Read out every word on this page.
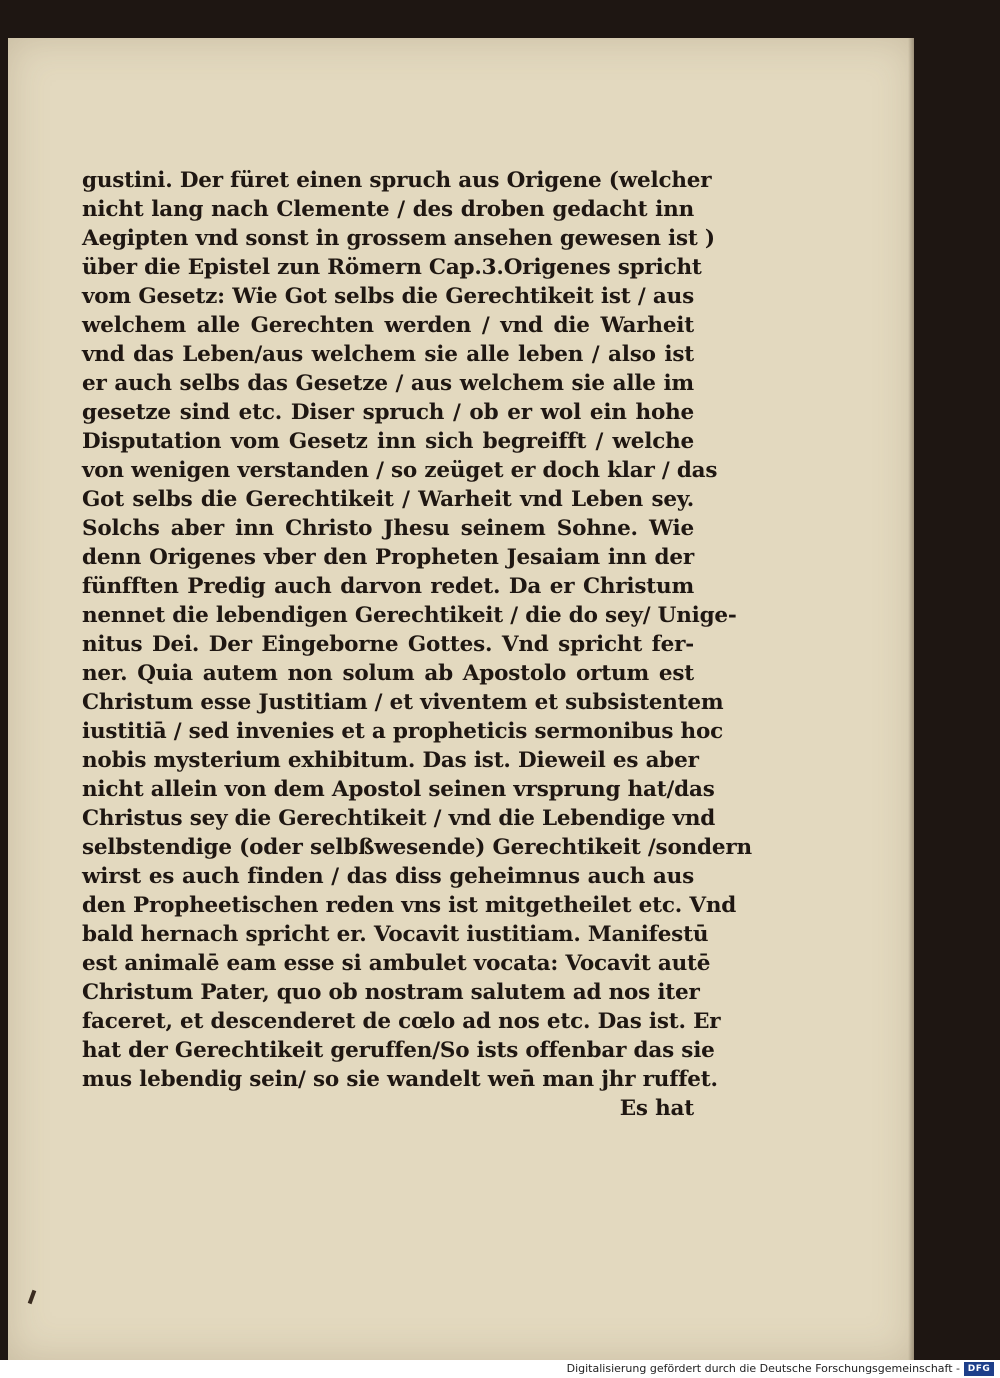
gustini. Der füret einen spruch aus Origene (welcher
nicht lang nach Clemente / des droben gedacht inn
Aegipten vnd sonst in grossem ansehen gewesen ist )
über die Epistel zun Römern Cap.3.Origenes spricht
vom Gesetz: Wie Got selbs die Gerechtikeit ist / aus
welchem alle Gerechten werden / vnd die Warheit
vnd das Leben/aus welchem sie alle leben / also ist
er auch selbs das Gesetze / aus welchem sie alle im
gesetze sind etc. Diser spruch / ob er wol ein hohe
Disputation vom Gesetz inn sich begreifft / welche
von wenigen verstanden / so zeüget er doch klar / das
Got selbs die Gerechtikeit / Warheit vnd Leben sey.
Solchs aber inn Christo Jhesu seinem Sohne. Wie
denn Origenes vber den Propheten Jesaiam inn der
fünfften Predig auch darvon redet. Da er Christum
nennet die lebendigen Gerechtikeit / die do sey/ Unige-
nitus Dei. Der Eingeborne Gottes. Vnd spricht fer-
ner. Quia autem non solum ab Apostolo ortum est
Christum esse Justitiam / et viventem et subsistentem
iustitiā / sed invenies et a propheticis sermonibus hoc
nobis mysterium exhibitum. Das ist. Dieweil es aber
nicht allein von dem Apostol seinen vrsprung hat/das
Christus sey die Gerechtikeit / vnd die Lebendige vnd
selbstendige (oder selbßwesende) Gerechtikeit /sondern
wirst es auch finden / das diss geheimnus auch aus
den Propheetischen reden vns ist mitgetheilet etc. Vnd
bald hernach spricht er. Vocavit iustitiam. Manifestū
est animalē eam esse si ambulet vocata: Vocavit autē
Christum Pater, quo ob nostram salutem ad nos iter
faceret, et descenderet de cœlo ad nos etc. Das ist. Er
hat der Gerechtikeit geruffen/So ists offenbar das sie
mus lebendig sein/ so sie wandelt wen̄ man jhr ruffet.
Es hat
Digitalisierung gefördert durch die Deutsche Forschungsgemeinschaft - DFG
